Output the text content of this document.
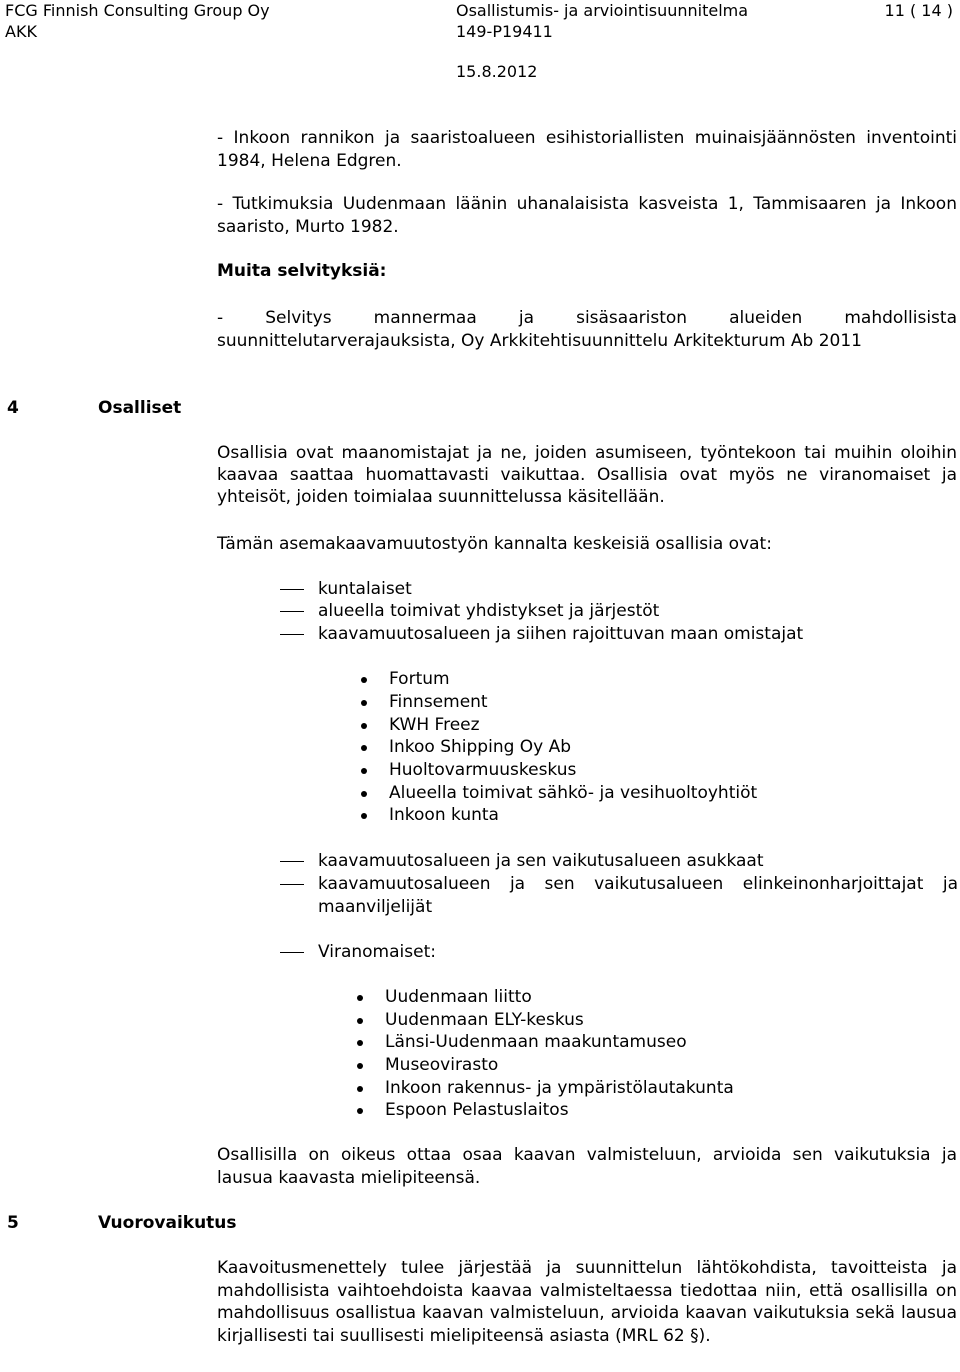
FCG Finnish Consulting Group Oy
AKK
Osallistumis- ja arviointisuunnitelma
149-P19411
11 ( 14 )
15.8.2012

- Inkoon rannikon ja saaristoalueen esihistoriallisten muinaisjäännösten inventointi 1984, Helena Edgren.

- Tutkimuksia Uudenmaan läänin uhanalaisista kasveista 1, Tammisaaren ja Inkoon saaristo, Murto 1982.

Muita selvityksiä:

- Selvitys mannermaa ja sisäsaariston alueiden mahdollisista suunnittelutarverajauksista, Oy Arkkitehtisuunnittelu Arkitekturum Ab 2011

4	Osalliset

Osallisia ovat maanomistajat ja ne, joiden asumiseen, työntekoon tai muihin oloihin kaavaa saattaa huomattavasti vaikuttaa. Osallisia ovat myös ne viranomaiset ja yhteisöt, joiden toimialaa suunnittelussa käsitellään.

Tämän asemakaavamuutostyön kannalta keskeisiä osallisia ovat:

kuntalaiset
alueella toimivat yhdistykset ja järjestöt
kaavamuutosalueen ja siihen rajoittuvan maan omistajat
Fortum
Finnsement
KWH Freez
Inkoo Shipping Oy Ab
Huoltovarmuuskeskus
Alueella toimivat sähkö- ja vesihuoltoyhtiöt
Inkoon kunta
kaavamuutosalueen ja sen vaikutusalueen asukkaat
kaavamuutosalueen ja sen vaikutusalueen elinkeinonharjoittajat ja maanviljelijät
Viranomaiset:
Uudenmaan liitto
Uudenmaan ELY-keskus
Länsi-Uudenmaan maakuntamuseo
Museovirasto
Inkoon rakennus- ja ympäristölautakunta
Espoon Pelastuslaitos

Osallisilla on oikeus ottaa osaa kaavan valmisteluun, arvioida sen vaikutuksia ja lausua kaavasta mielipiteensä.

5	Vuorovaikutus

Kaavoitusmenettely tulee järjestää ja suunnittelun lähtökohdista, tavoitteista ja mahdollisista vaihtoehdoista kaavaa valmisteltaessa tiedottaa niin, että osallisilla on mahdollisuus osallistua kaavan valmisteluun, arvioida kaavan vaikutuksia sekä lausua kirjallisesti tai suullisesti mielipiteensä asiasta (MRL 62 §).
